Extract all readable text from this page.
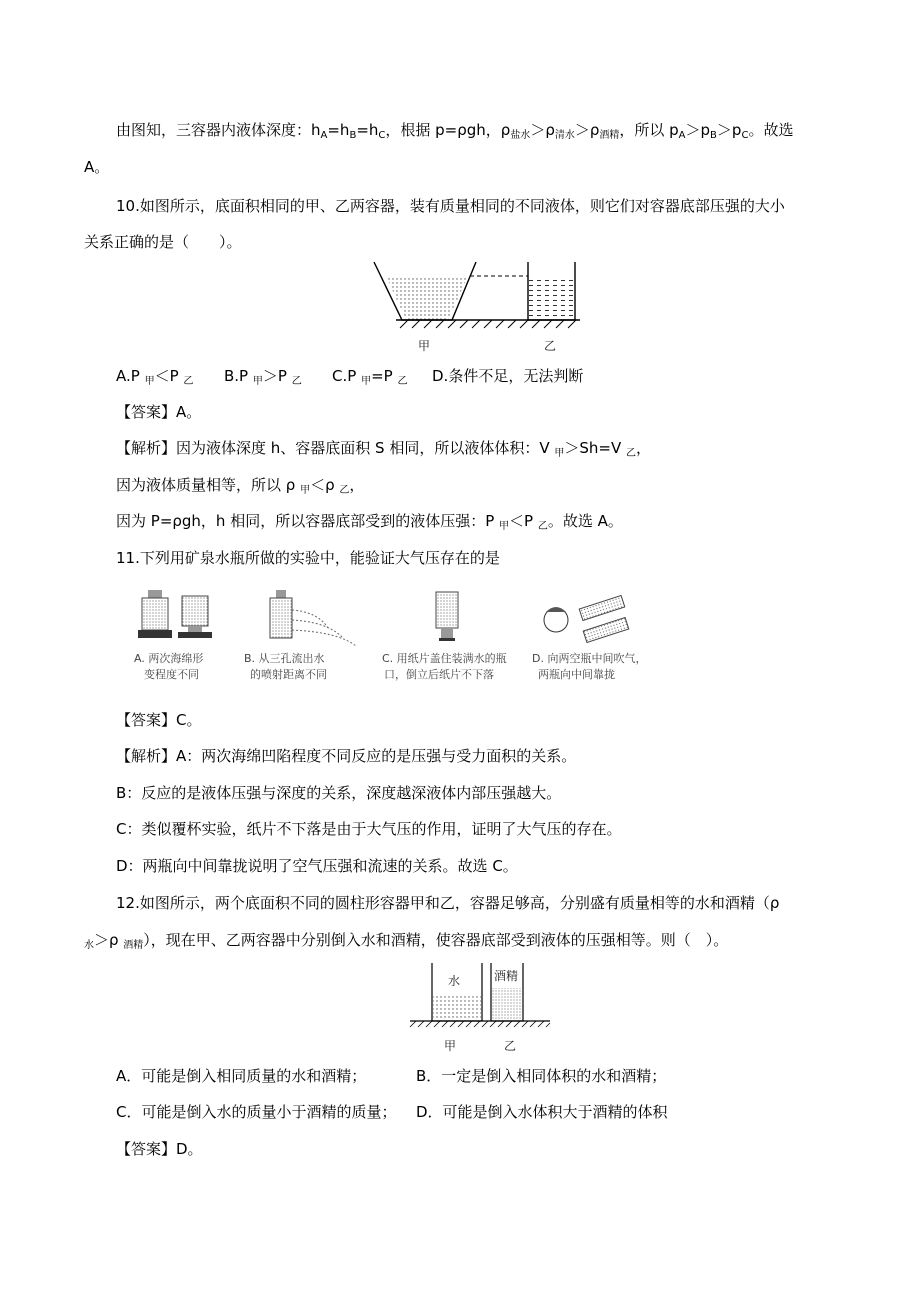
由图知，三容器内液体深度：$h_A=h_B=h_C$，根据 p=ρgh，$\rho_{盐水}>\rho_{清水}>\rho_{酒精}$，所以 $p_A>p_B>p_C$。故选
A。
10.如图所示，底面积相同的甲、乙两容器，装有质量相同的不同液体，则它们对容器底部压强的大小
关系正确的是（　　）。
甲	乙
A.P $_甲$＜P $_乙$ B.P $_甲$＞P $_乙$ C.P $_甲$=P $_乙$ D.条件不足，无法判断
【答案】A。
【解析】因为液体深度 h、容器底面积 S 相同，所以液体体积：V $_甲$＞Sh=V $_乙$，
因为液体质量相等，所以 ρ $_甲$＜ρ $_乙$，
因为 P=ρgh，h 相同，所以容器底部受到的液体压强：P $_甲$＜P $_乙$。故选 A。
11.下列用矿泉水瓶所做的实验中，能验证大气压存在的是
A. 两次海绵形
变程度不同
B. 从三孔流出水
的喷射距离不同
C. 用纸片盖住装满水的瓶
口，倒立后纸片不下落
D. 向两空瓶中间吹气，
两瓶向中间靠拢
【答案】C。
【解析】A：两次海绵凹陷程度不同反应的是压强与受力面积的关系。
B：反应的是液体压强与深度的关系，深度越深液体内部压强越大。
C：类似覆杯实验，纸片不下落是由于大气压的作用，证明了大气压的存在。
D：两瓶向中间靠拢说明了空气压强和流速的关系。故选 C。
12.如图所示，两个底面积不同的圆柱形容器甲和乙，容器足够高，分别盛有质量相等的水和酒精（ρ
$_水$＞ρ $_{酒精}$），现在甲、乙两容器中分别倒入水和酒精，使容器底部受到液体的压强相等。则（　）。
水	酒精
甲	乙
A．可能是倒入相同质量的水和酒精；	B．一定是倒入相同体积的水和酒精；
C．可能是倒入水的质量小于酒精的质量； D．可能是倒入水体积大于酒精的体积
【答案】D。
